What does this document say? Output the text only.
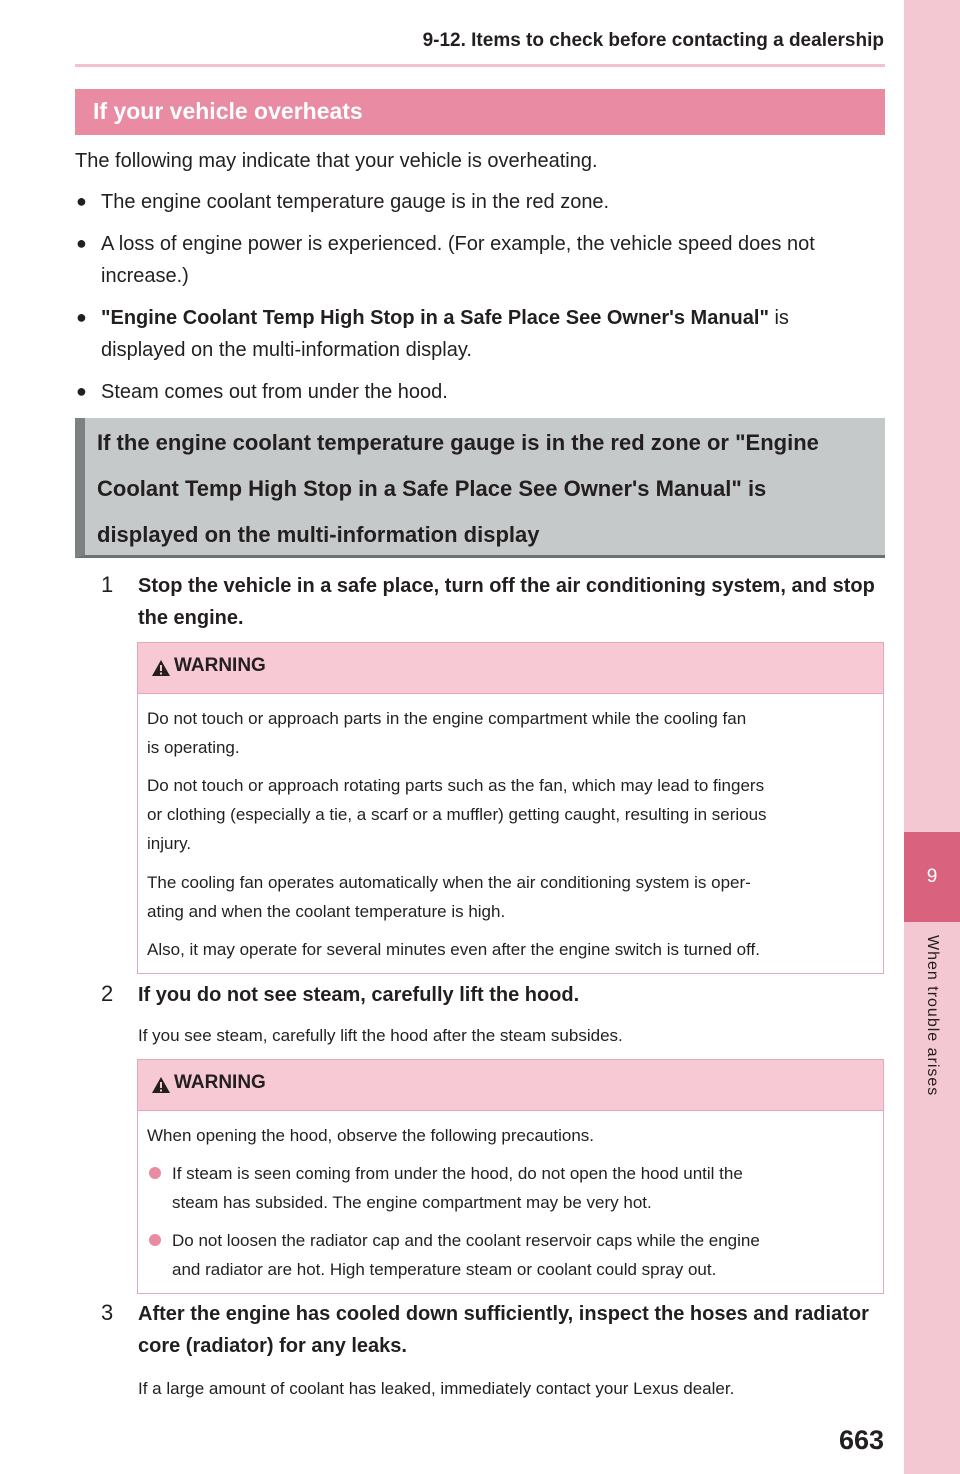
9-12. Items to check before contacting a dealership
9
When trouble arises
If your vehicle overheats
The following may indicate that your vehicle is overheating.
● The engine coolant temperature gauge is in the red zone.
● A loss of engine power is experienced. (For example, the vehicle speed does not
increase.)
● "Engine Coolant Temp High Stop in a Safe Place See Owner's Manual" is
displayed on the multi-information display.
● Steam comes out from under the hood.
If the engine coolant temperature gauge is in the red zone or "Engine Coolant Temp High Stop in a Safe Place See Owner's Manual" is displayed on the multi-information display
1 Stop the vehicle in a safe place, turn off the air conditioning system, and stop
the engine.
WARNING
Do not touch or approach parts in the engine compartment while the cooling fan
is operating.
Do not touch or approach rotating parts such as the fan, which may lead to fingers
or clothing (especially a tie, a scarf or a muffler) getting caught, resulting in serious
injury.
The cooling fan operates automatically when the air conditioning system is oper-
ating and when the coolant temperature is high.
Also, it may operate for several minutes even after the engine switch is turned off.
2 If you do not see steam, carefully lift the hood.
If you see steam, carefully lift the hood after the steam subsides.
WARNING
When opening the hood, observe the following precautions.
If steam is seen coming from under the hood, do not open the hood until the
steam has subsided. The engine compartment may be very hot.
Do not loosen the radiator cap and the coolant reservoir caps while the engine
and radiator are hot. High temperature steam or coolant could spray out.
3 After the engine has cooled down sufficiently, inspect the hoses and radiator
core (radiator) for any leaks.
If a large amount of coolant has leaked, immediately contact your Lexus dealer.
663
